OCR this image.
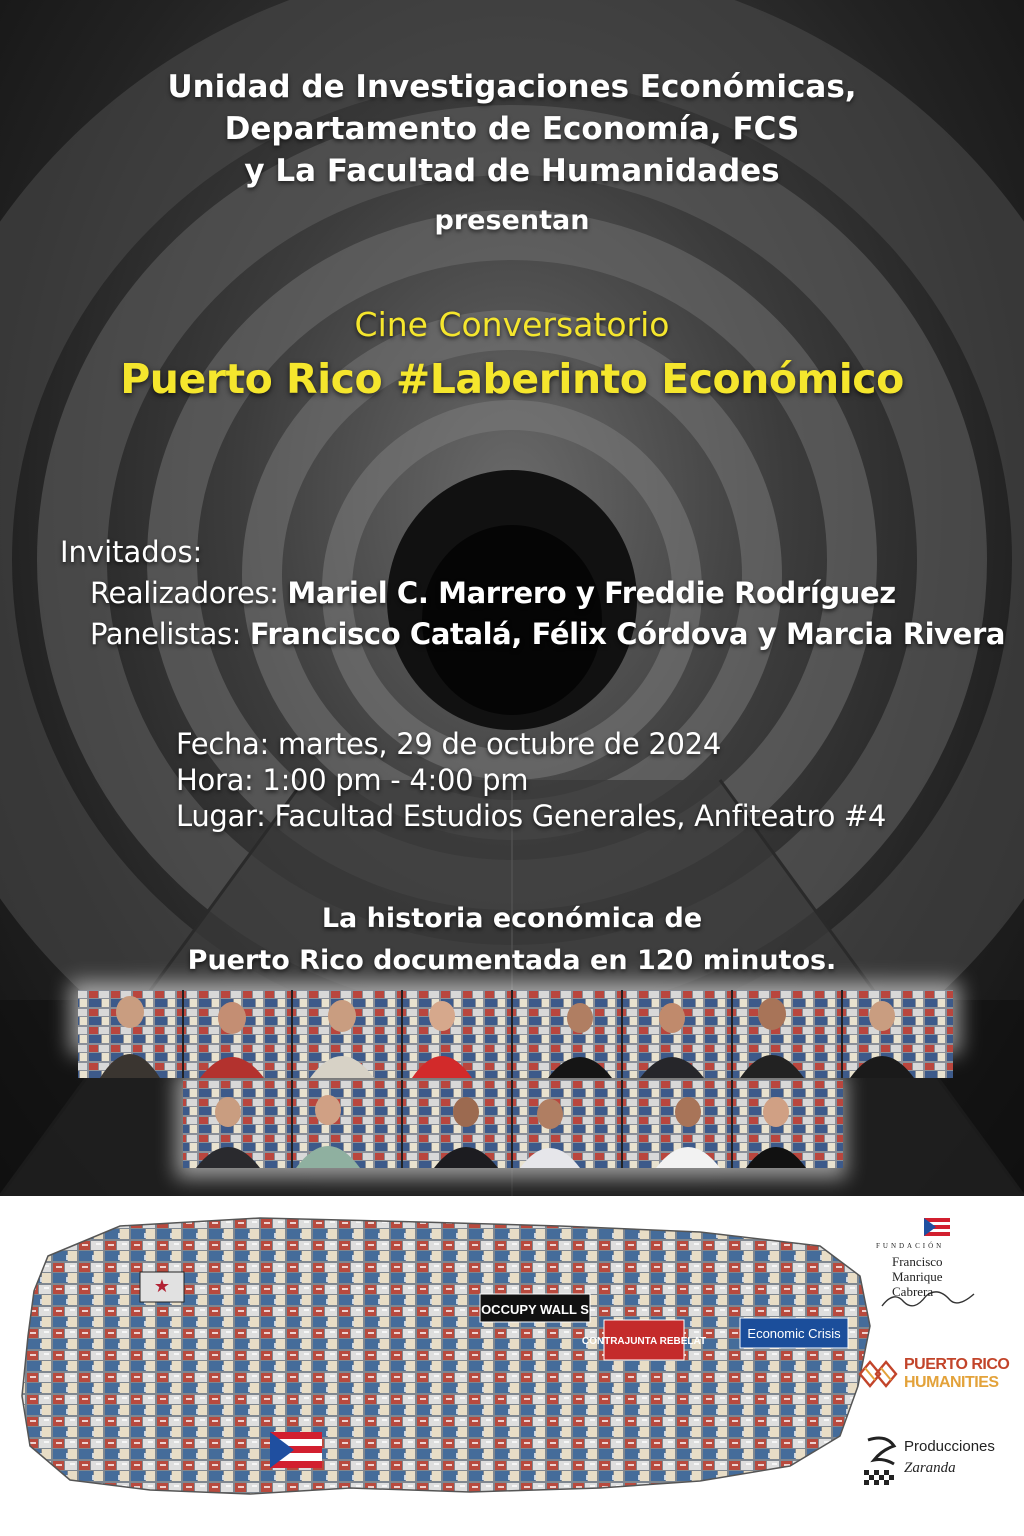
Unidad de Investigaciones Económicas,
Departamento de Economía, FCS
y La Facultad de Humanidades
presentan
Cine Conversatorio
Puerto Rico #Laberinto Económico
Invitados:
Realizadores: Mariel C. Marrero y Freddie Rodríguez
Panelistas: Francisco Catalá, Félix Córdova y Marcia Rivera
Fecha: martes, 29 de octubre de 2024
Hora: 1:00 pm - 4:00 pm
Lugar: Facultad Estudios Generales, Anfiteatro #4
La historia económica de
Puerto Rico documentada en 120 minutos.
★
OCCUPY WALL S
Economic Crisis
CONTRAJUNTA REBELAT
FUNDACIÓN
Francisco
Manrique
Cabrera
PUERTO RICO
HUMANITIES
Producciones
Zaranda
